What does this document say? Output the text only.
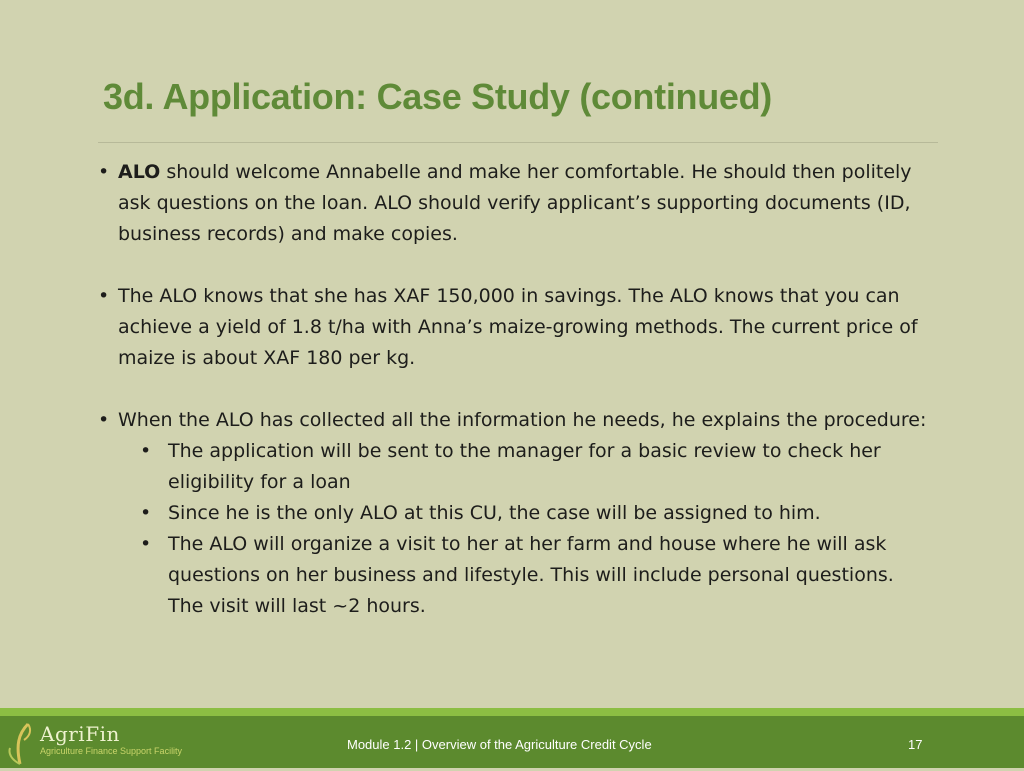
3d. Application: Case Study (continued)
• ALO should welcome Annabelle and make her comfortable. He should then politely ask questions on the loan. ALO should verify applicant’s supporting documents (ID, business records) and make copies.
• The ALO knows that she has XAF 150,000 in savings. The ALO knows that you can achieve a yield of 1.8 t/ha with Anna’s maize-growing methods. The current price of maize is about XAF 180 per kg.
• When the ALO has collected all the information he needs, he explains the procedure:
• The application will be sent to the manager for a basic review to check her eligibility for a loan
• Since he is the only ALO at this CU, the case will be assigned to him.
• The ALO will organize a visit to her at her farm and house where he will ask questions on her business and lifestyle. This will include personal questions. The visit will last ~2 hours.
AgriFin
Agriculture Finance Support Facility	Module 1.2 | Overview of the Agriculture Credit Cycle	17
